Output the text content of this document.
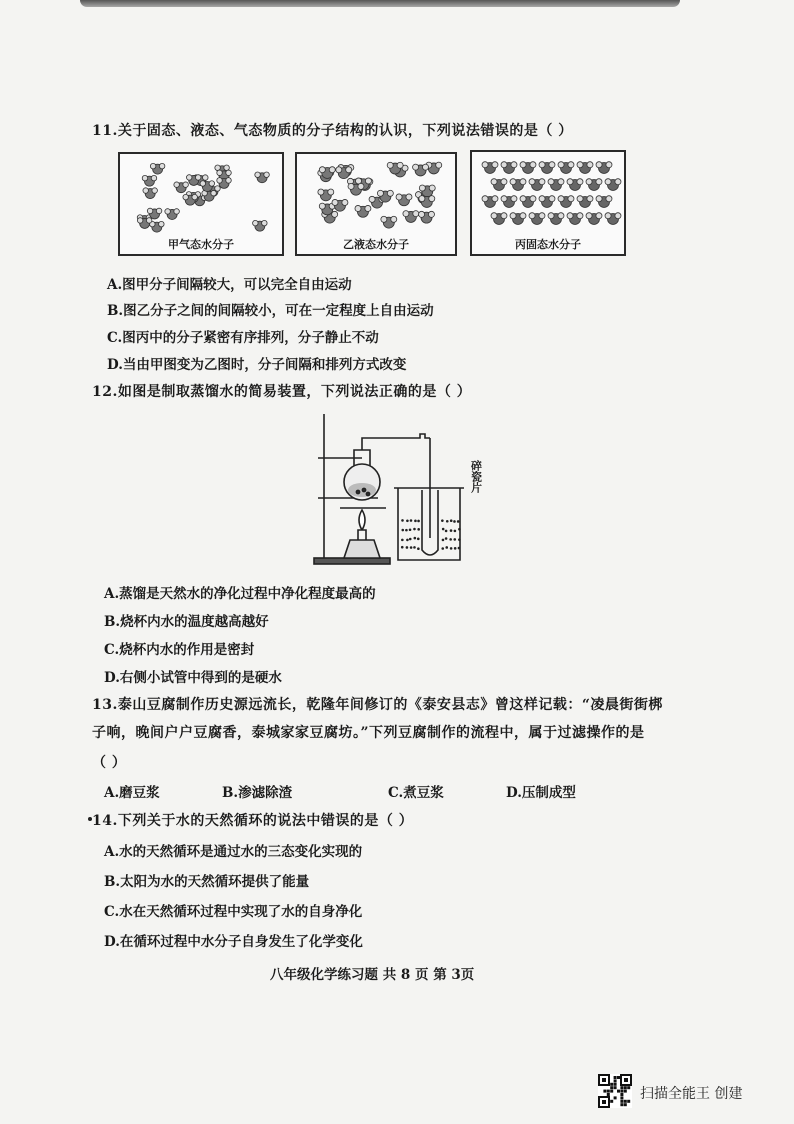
11.关于固态、液态、气态物质的分子结构的认识，下列说法错误的是（ ）
甲气态水分子	乙液态水分子	丙固态水分子
A.图甲分子间隔较大，可以完全自由运动
B.图乙分子之间的间隔较小，可在一定程度上自由运动
C.图丙中的分子紧密有序排列，分子静止不动
D.当由甲图变为乙图时，分子间隔和排列方式改变
12.如图是制取蒸馏水的简易装置，下列说法正确的是（ ）
碎瓷片

A.蒸馏是天然水的净化过程中净化程度最高的
B.烧杯内水的温度越高越好
C.烧杯内水的作用是密封
D.右侧小试管中得到的是硬水
13.泰山豆腐制作历史源远流长，乾隆年间修订的《泰安县志》曾这样记载：“凌晨街街梆
子响，晚间户户豆腐香，泰城家家豆腐坊。”下列豆腐制作的流程中，属于过滤操作的是
（ ）
A.磨豆浆	B.渗滤除渣	C.煮豆浆	D.压制成型
14.下列关于水的天然循环的说法中错误的是（ ）
A.水的天然循环是通过水的三态变化实现的
B.太阳为水的天然循环提供了能量
C.水在天然循环过程中实现了水的自身净化
D.在循环过程中水分子自身发生了化学变化
八年级化学练习题 共 8 页 第 3页
扫描全能王 创建
